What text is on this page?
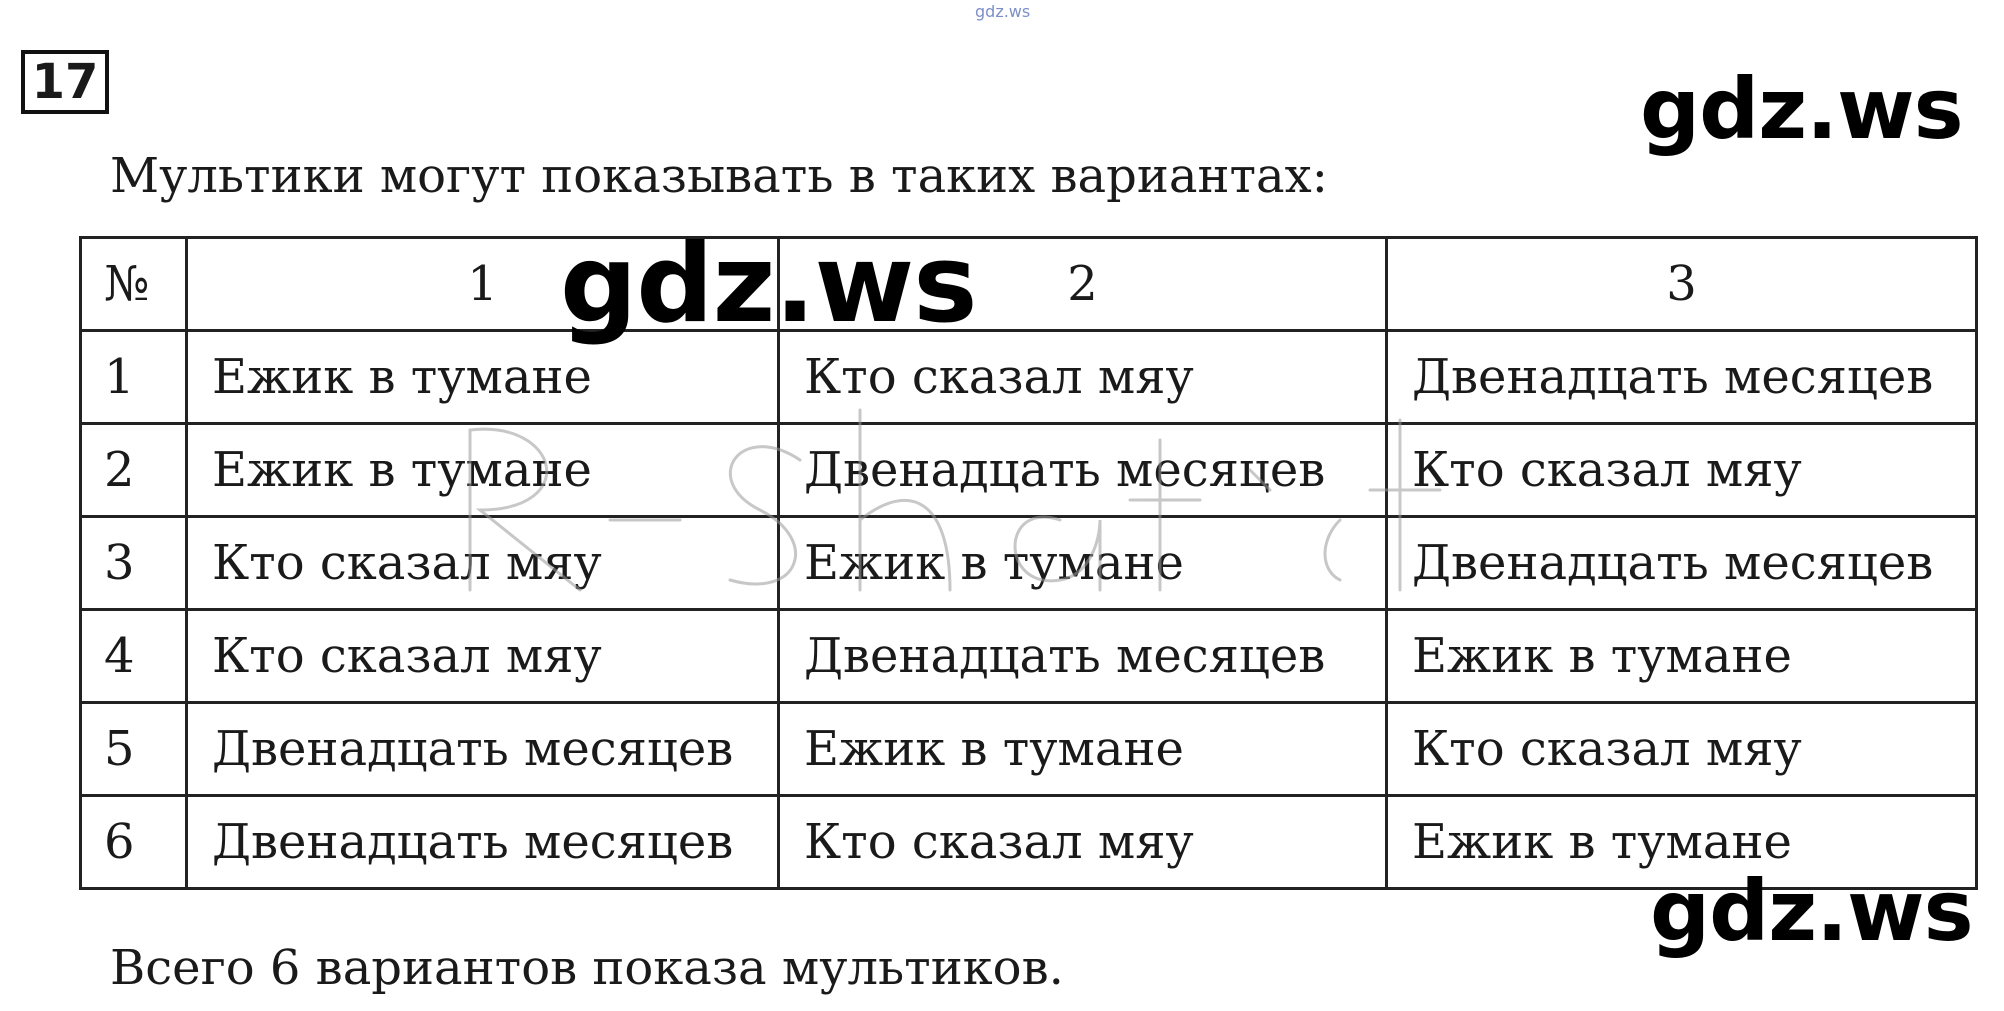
gdz.ws
17
Мультики могут показывать в таких вариантах:
№	1	2	3
1	Ежик в тумане	Кто сказал мяу	Двенадцать месяцев
2	Ежик в тумане	Двенадцать месяцев	Кто сказал мяу
3	Кто сказал мяу	Ежик в тумане	Двенадцать месяцев
4	Кто сказал мяу	Двенадцать месяцев	Ежик в тумане
5	Двенадцать месяцев	Ежик в тумане	Кто сказал мяу
6	Двенадцать месяцев	Кто сказал мяу	Ежик в тумане
Всего 6 вариантов показа мультиков.
gdz.ws
gdz.ws
gdz.ws
